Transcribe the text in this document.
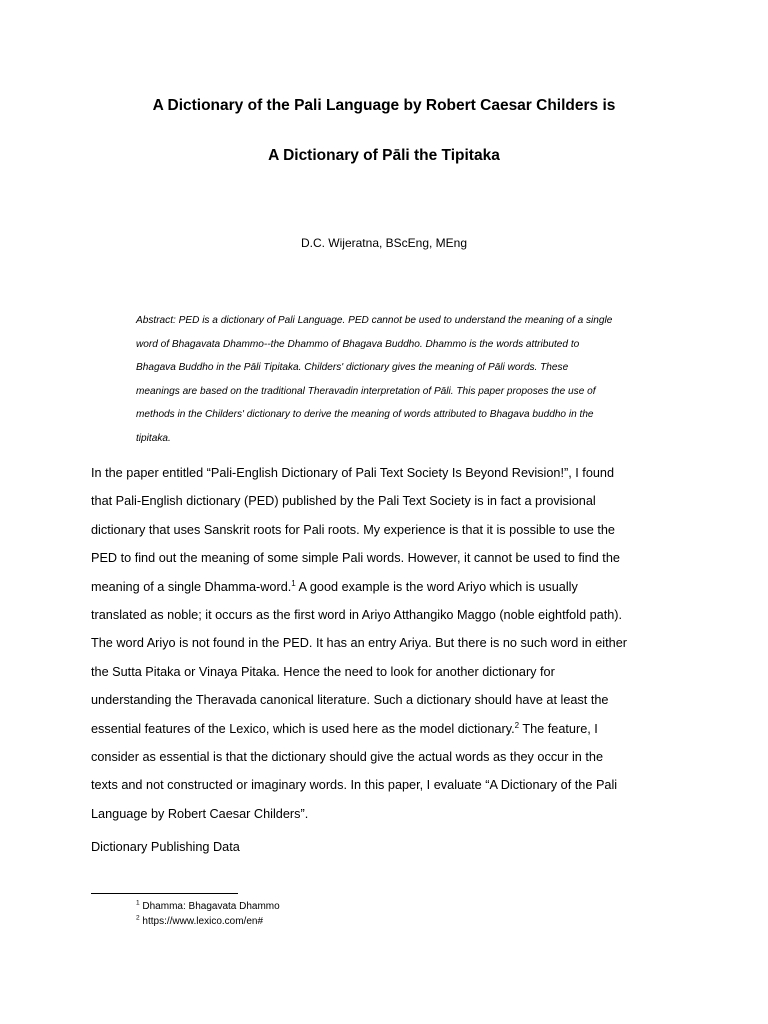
A Dictionary of the Pali Language by Robert Caesar Childers is
A Dictionary of Pāli the Tipitaka

D.C. Wijeratna, BScEng, MEng

Abstract: PED is a dictionary of Pali Language. PED cannot be used to understand the meaning of a single
word of Bhagavata Dhammo--the Dhammo of Bhagava Buddho. Dhammo is the words attributed to
Bhagava Buddho in the Pāli Tipitaka. Childers' dictionary gives the meaning of Pāli words. These
meanings are based on the traditional Theravadin interpretation of Pāli. This paper proposes the use of
methods in the Childers' dictionary to derive the meaning of words attributed to Bhagava buddho in the
tipitaka.

In the paper entitled “Pali-English Dictionary of Pali Text Society Is Beyond Revision!”, I found
that Pali-English dictionary (PED) published by the Pali Text Society is in fact a provisional
dictionary that uses Sanskrit roots for Pali roots. My experience is that it is possible to use the
PED to find out the meaning of some simple Pali words. However, it cannot be used to find the
meaning of a single Dhamma-word.$^1$ A good example is the word Ariyo which is usually
translated as noble; it occurs as the first word in Ariyo Atthangiko Maggo (noble eightfold path).
The word Ariyo is not found in the PED. It has an entry Ariya. But there is no such word in either
the Sutta Pitaka or Vinaya Pitaka. Hence the need to look for another dictionary for
understanding the Theravada canonical literature. Such a dictionary should have at least the
essential features of the Lexico, which is used here as the model dictionary.$^2$ The feature, I
consider as essential is that the dictionary should give the actual words as they occur in the
texts and not constructed or imaginary words. In this paper, I evaluate “A Dictionary of the Pali
Language by Robert Caesar Childers”.

Dictionary Publishing Data

$^1$ Dhamma: Bhagavata Dhammo
$^2$ https://www.lexico.com/en#
